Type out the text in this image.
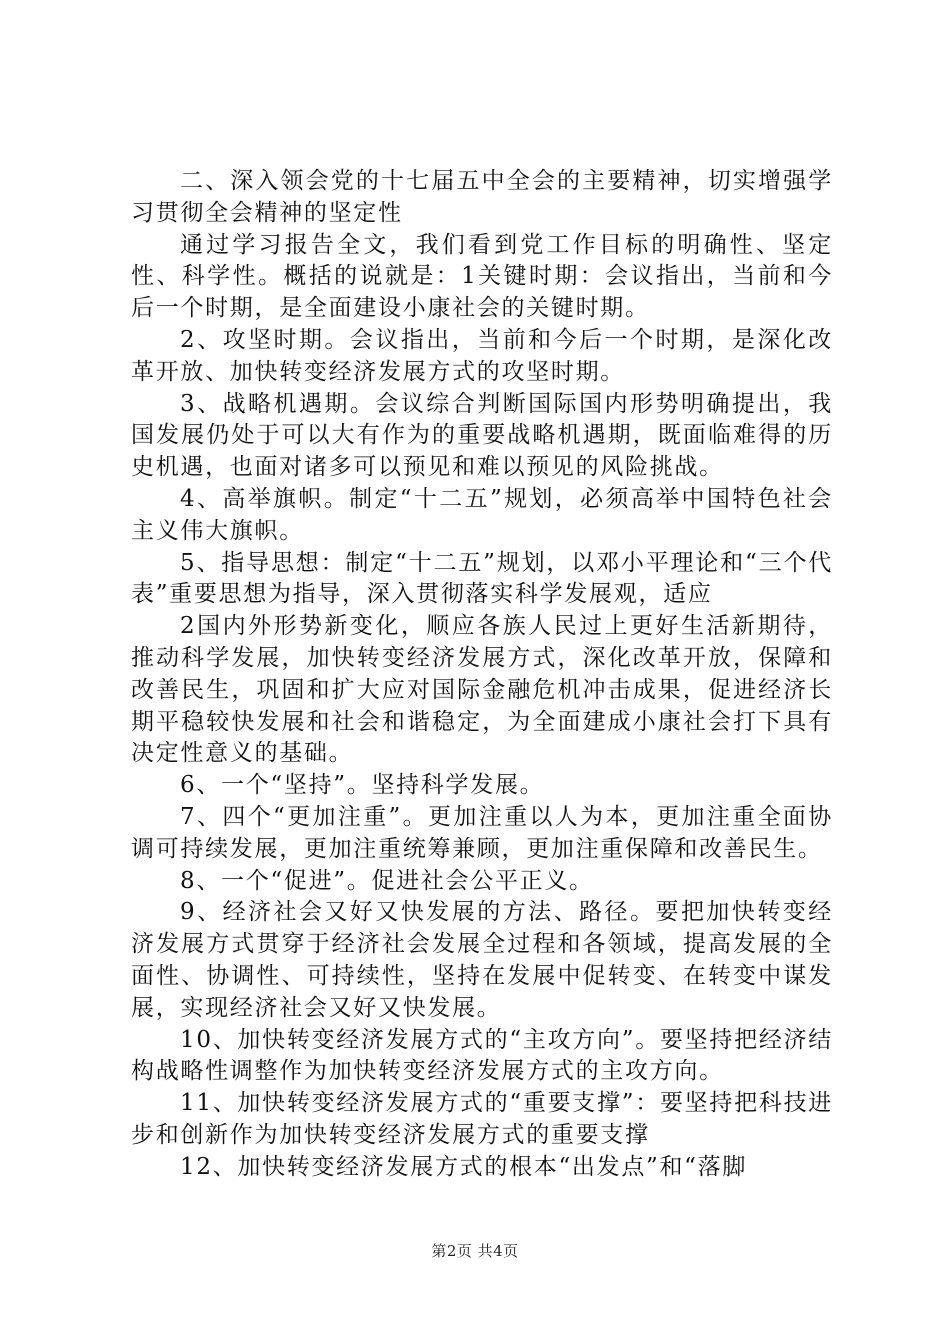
二、深入领会党的十七届五中全会的主要精神，切实增强学习贯彻全会精神的坚定性

通过学习报告全文，我们看到党工作目标的明确性、坚定性、科学性。概括的说就是：1关键时期：会议指出，当前和今后一个时期，是全面建设小康社会的关键时期。

2、攻坚时期。会议指出，当前和今后一个时期，是深化改革开放、加快转变经济发展方式的攻坚时期。

3、战略机遇期。会议综合判断国际国内形势明确提出，我国发展仍处于可以大有作为的重要战略机遇期，既面临难得的历史机遇，也面对诸多可以预见和难以预见的风险挑战。

4、高举旗帜。制定“十二五”规划，必须高举中国特色社会主义伟大旗帜。

5、指导思想：制定“十二五”规划，以邓小平理论和“三个代表”重要思想为指导，深入贯彻落实科学发展观，适应

2国内外形势新变化，顺应各族人民过上更好生活新期待，推动科学发展，加快转变经济发展方式，深化改革开放，保障和改善民生，巩固和扩大应对国际金融危机冲击成果，促进经济长期平稳较快发展和社会和谐稳定，为全面建成小康社会打下具有决定性意义的基础。

6、一个“坚持”。坚持科学发展。

7、四个“更加注重”。更加注重以人为本，更加注重全面协调可持续发展，更加注重统筹兼顾，更加注重保障和改善民生。

8、一个“促进”。促进社会公平正义。

9、经济社会又好又快发展的方法、路径。要把加快转变经济发展方式贯穿于经济社会发展全过程和各领域，提高发展的全面性、协调性、可持续性，坚持在发展中促转变、在转变中谋发展，实现经济社会又好又快发展。

10、加快转变经济发展方式的“主攻方向”。要坚持把经济结构战略性调整作为加快转变经济发展方式的主攻方向。

11、加快转变经济发展方式的“重要支撑”：要坚持把科技进步和创新作为加快转变经济发展方式的重要支撑

12、加快转变经济发展方式的根本“出发点”和“落脚

第2页 共4页
